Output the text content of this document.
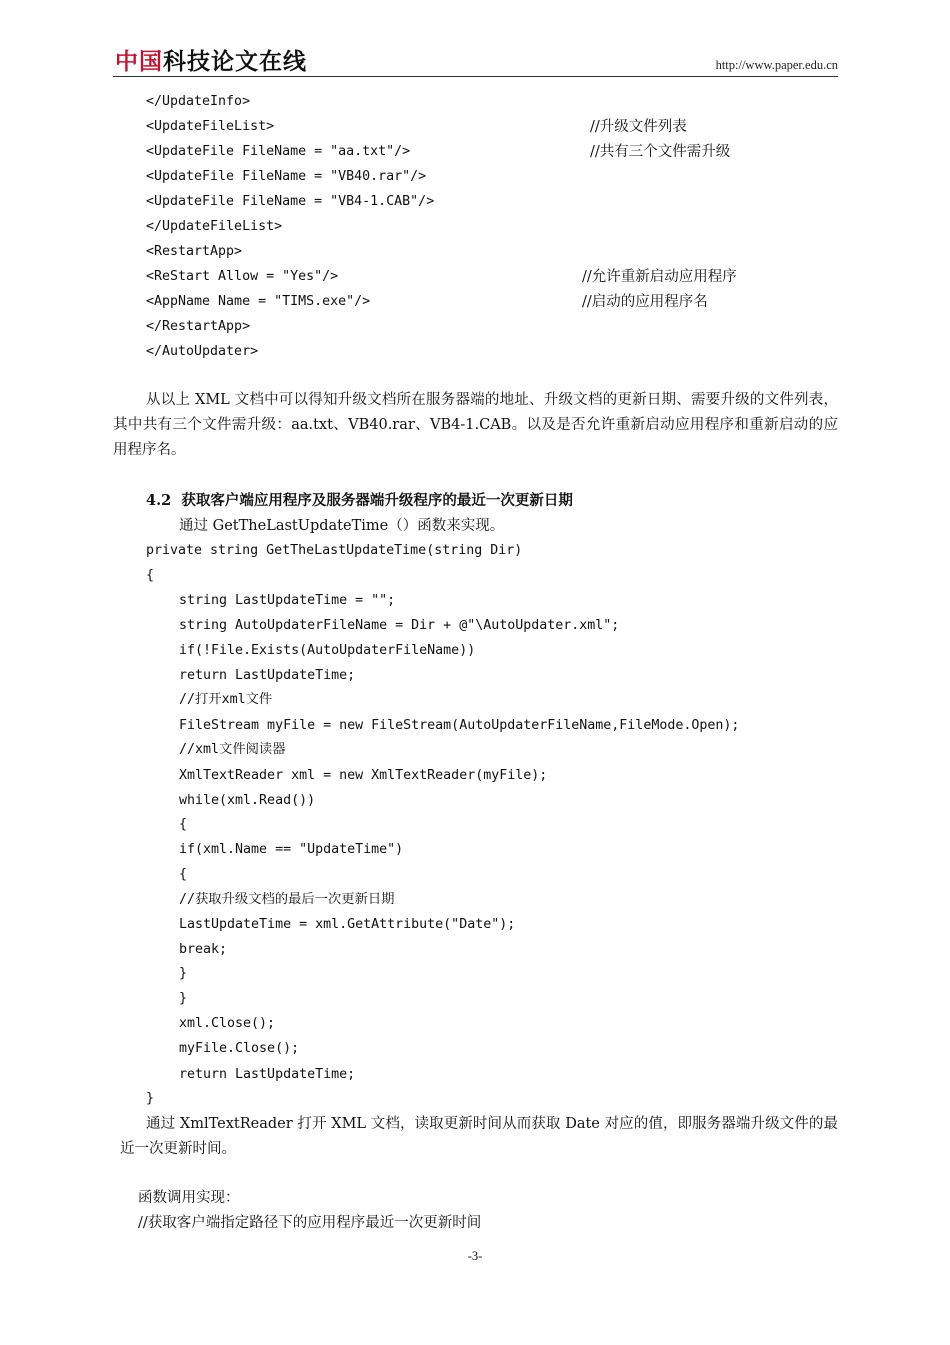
中国科技论文在线	http://www.paper.edu.cn
</UpdateInfo>
<UpdateFileList>	//升级文件列表
<UpdateFile FileName = "aa.txt"/>	//共有三个文件需升级
<UpdateFile FileName = "VB40.rar"/>
<UpdateFile FileName = "VB4-1.CAB"/>
</UpdateFileList>
<RestartApp>
<ReStart Allow = "Yes"/>	//允许重新启动应用程序
<AppName Name = "TIMS.exe"/>	//启动的应用程序名
</RestartApp>
</AutoUpdater>
从以上 XML 文档中可以得知升级文档所在服务器端的地址、升级文档的更新日期、需要升级的文件列表，其中共有三个文件需升级：aa.txt、VB40.rar、VB4-1.CAB。以及是否允许重新启动应用程序和重新启动的应用程序名。
4.2  获取客户端应用程序及服务器端升级程序的最近一次更新日期
通过 GetTheLastUpdateTime（）函数来实现。
private string GetTheLastUpdateTime(string Dir)
{
string LastUpdateTime = "";
string AutoUpdaterFileName = Dir + @"\AutoUpdater.xml";
if(!File.Exists(AutoUpdaterFileName))
return LastUpdateTime;
//打开xml文件
FileStream myFile = new FileStream(AutoUpdaterFileName,FileMode.Open);
//xml文件阅读器
XmlTextReader xml = new XmlTextReader(myFile);
while(xml.Read())
{
if(xml.Name == "UpdateTime")
{
//获取升级文档的最后一次更新日期
LastUpdateTime = xml.GetAttribute("Date");
break;
}
}
xml.Close();
myFile.Close();
return LastUpdateTime;
}
通过 XmlTextReader 打开 XML 文档，读取更新时间从而获取 Date 对应的值，即服务器端升级文件的最近一次更新时间。
函数调用实现：
//获取客户端指定路径下的应用程序最近一次更新时间
-3-
